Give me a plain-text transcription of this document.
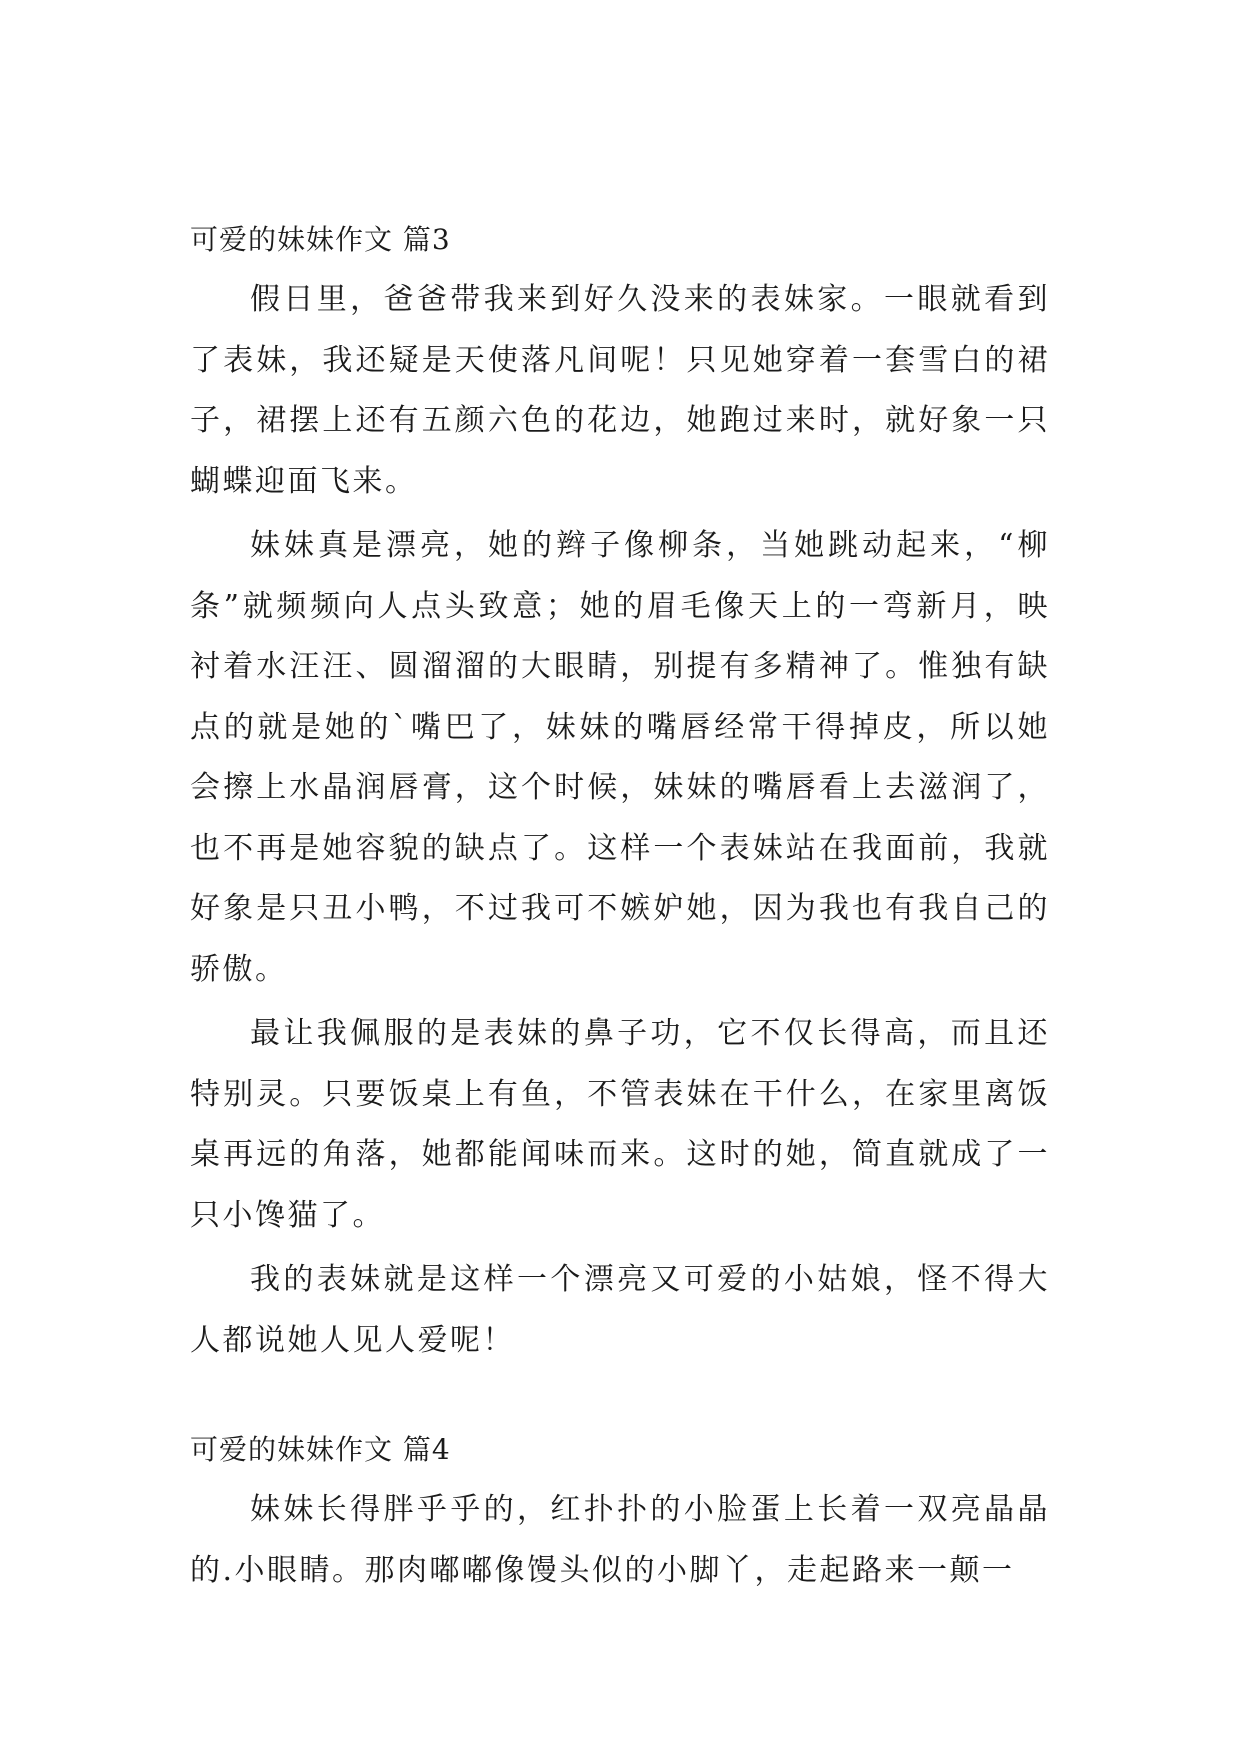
可爱的妹妹作文 篇3

假日里，爸爸带我来到好久没来的表妹家。一眼就看到了表妹，我还疑是天使落凡间呢！只见她穿着一套雪白的裙子，裙摆上还有五颜六色的花边，她跑过来时，就好象一只蝴蝶迎面飞来。

妹妹真是漂亮，她的辫子像柳条，当她跳动起来，“柳条”就频频向人点头致意；她的眉毛像天上的一弯新月，映衬着水汪汪、圆溜溜的大眼睛，别提有多精神了。惟独有缺点的就是她的`嘴巴了，妹妹的嘴唇经常干得掉皮，所以她会擦上水晶润唇膏，这个时候，妹妹的嘴唇看上去滋润了，也不再是她容貌的缺点了。这样一个表妹站在我面前，我就好象是只丑小鸭，不过我可不嫉妒她，因为我也有我自己的骄傲。

最让我佩服的是表妹的鼻子功，它不仅长得高，而且还特别灵。只要饭桌上有鱼，不管表妹在干什么，在家里离饭桌再远的角落，她都能闻味而来。这时的她，简直就成了一只小馋猫了。

我的表妹就是这样一个漂亮又可爱的小姑娘，怪不得大人都说她人见人爱呢！

可爱的妹妹作文 篇4

妹妹长得胖乎乎的，红扑扑的小脸蛋上长着一双亮晶晶的.小眼睛。那肉嘟嘟像馒头似的小脚丫，走起路来一颠一
